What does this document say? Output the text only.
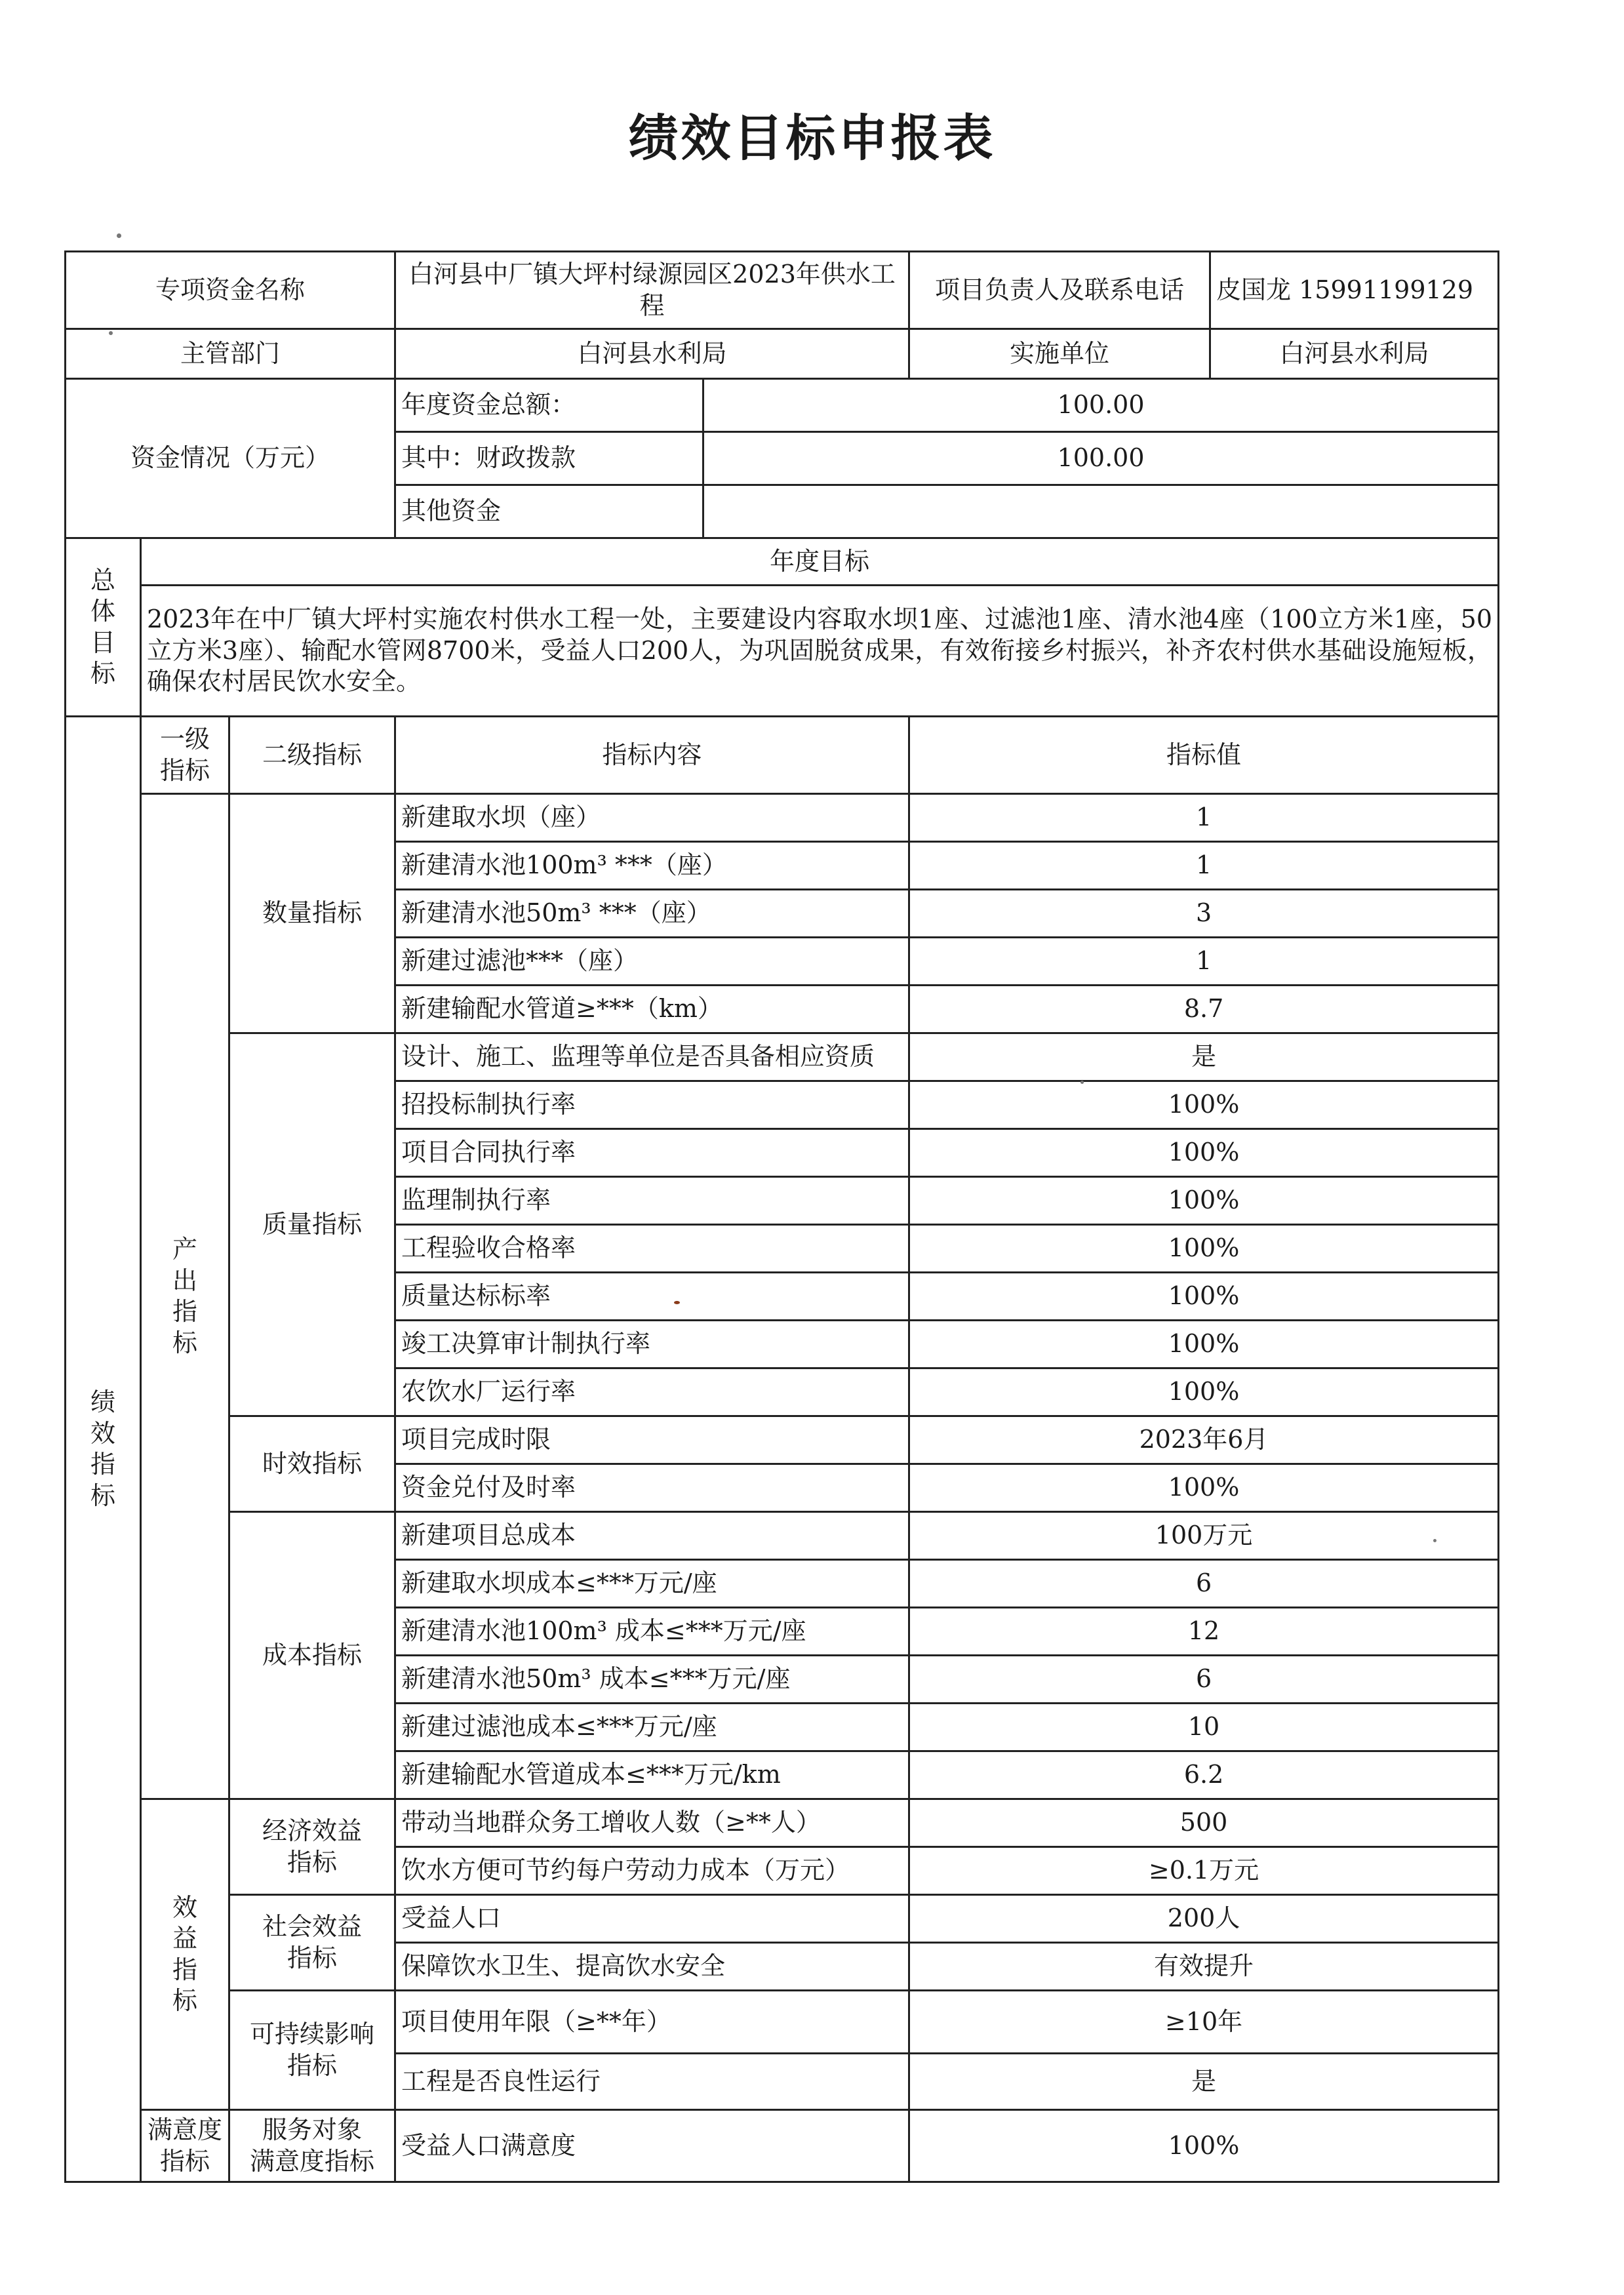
绩效目标申报表
专项资金名称			白河县中厂镇大坪村绿源园区2023年供水工程		项目负责人及联系电话	皮国龙 15991199129
主管部门			白河县水利局		实施单位	白河县水利局
资金情况（万元）			年度资金总额：	100.00		
			其中：财政拨款	100.00		
			其他资金			

总
体
目
标	年度目标					
	2023年在中厂镇大坪村实施农村供水工程一处，主要建设内容取水坝1座、过滤池1座、清水池4座（100立方米1座，50立方米3座）、输配水管网8700米，受益人口200人，为巩固脱贫成果，有效衔接乡村振兴，补齐农村供水基础设施短板，确保农村居民饮水安全。					

绩
效
指
标	一级
指标	二级指标	指标内容		指标值	

	产
出
指
标	数量指标	新建取水坝（座）		1	
			新建清水池100m³ ***（座）		1	
			新建清水池50m³ ***（座）		3	
			新建过滤池***（座）		1	
			新建输配水管道≥***（km）		8.7	

		质量指标	设计、施工、监理等单位是否具备相应资质		是	
			招投标制执行率		100%	
			项目合同执行率		100%	
			监理制执行率		100%	
			工程验收合格率		100%	
			质量达标标率		100%	
			竣工决算审计制执行率		100%	
			农饮水厂运行率		100%	

		时效指标	项目完成时限		2023年6月	
			资金兑付及时率		100%	

		成本指标	新建项目总成本		100万元	
			新建取水坝成本≤***万元/座		6	
			新建清水池100m³ 成本≤***万元/座		12	
			新建清水池50m³ 成本≤***万元/座		6	
			新建过滤池成本≤***万元/座		10	
			新建输配水管道成本≤***万元/km		6.2	

	效
益
指
标	经济效益
指标	带动当地群众务工增收人数（≥**人）		500	
			饮水方便可节约每户劳动力成本（万元）		≥0.1万元	

		社会效益
指标	受益人口		200人	
			保障饮水卫生、提高饮水安全		有效提升	

		可持续影响
指标	项目使用年限（≥**年）		≥10年	
			工程是否良性运行		是	

	满意度
指标	服务对象
满意度指标	受益人口满意度		100%	
